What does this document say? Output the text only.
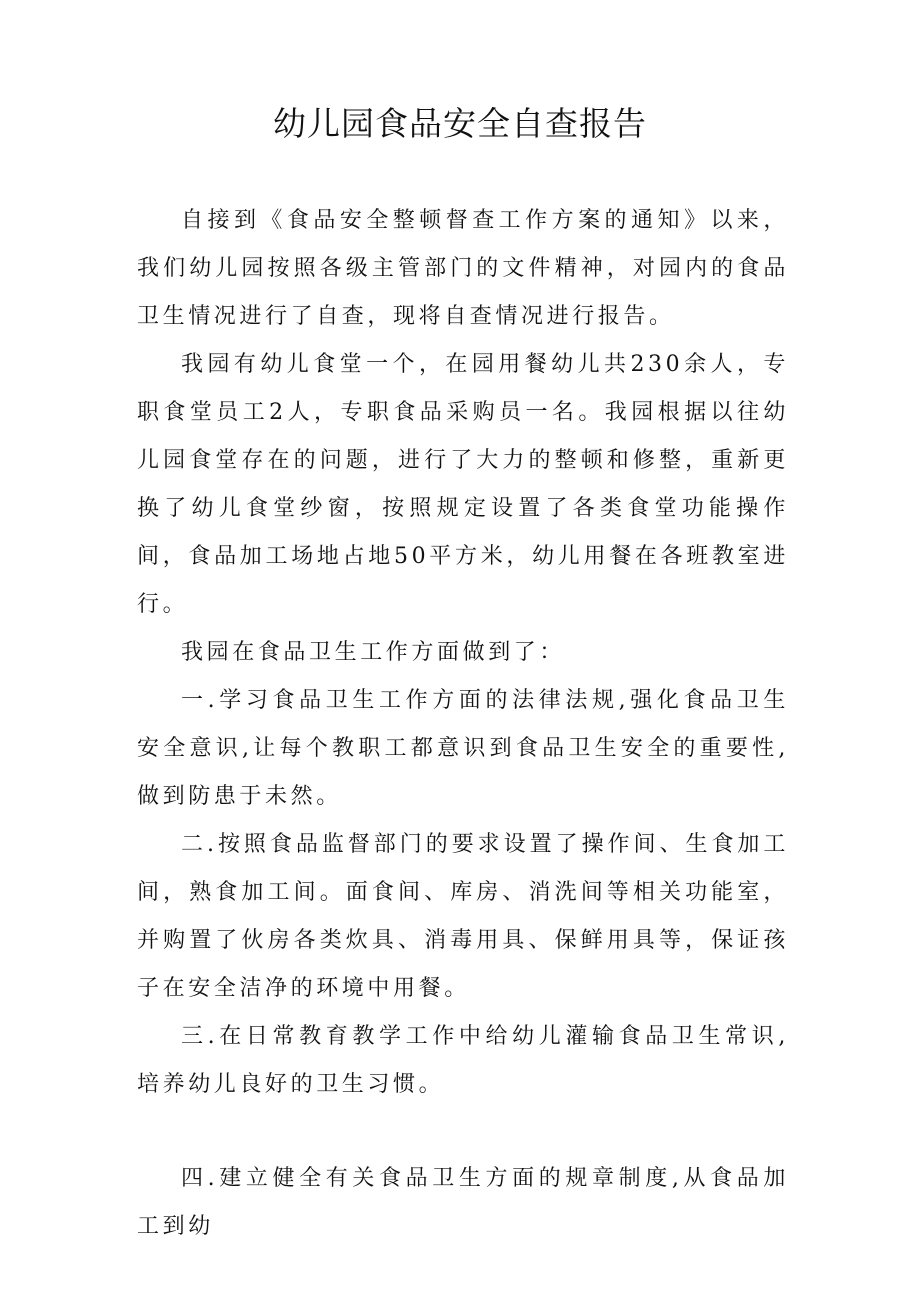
幼儿园食品安全自查报告

自接到《食品安全整顿督查工作方案的通知》以来，我们幼儿园按照各级主管部门的文件精神，对园内的食品卫生情况进行了自查，现将自查情况进行报告。

我园有幼儿食堂一个，在园用餐幼儿共230余人，专职食堂员工2人，专职食品采购员一名。我园根据以往幼儿园食堂存在的问题，进行了大力的整顿和修整，重新更换了幼儿食堂纱窗，按照规定设置了各类食堂功能操作间，食品加工场地占地50平方米，幼儿用餐在各班教室进行。

我园在食品卫生工作方面做到了：

一.学习食品卫生工作方面的法律法规,强化食品卫生安全意识,让每个教职工都意识到食品卫生安全的重要性,做到防患于未然。

二.按照食品监督部门的要求设置了操作间、生食加工间，熟食加工间。面食间、库房、消洗间等相关功能室，并购置了伙房各类炊具、消毒用具、保鲜用具等，保证孩子在安全洁净的环境中用餐。

三.在日常教育教学工作中给幼儿灌输食品卫生常识,培养幼儿良好的卫生习惯。

四.建立健全有关食品卫生方面的规章制度,从食品加工到幼
